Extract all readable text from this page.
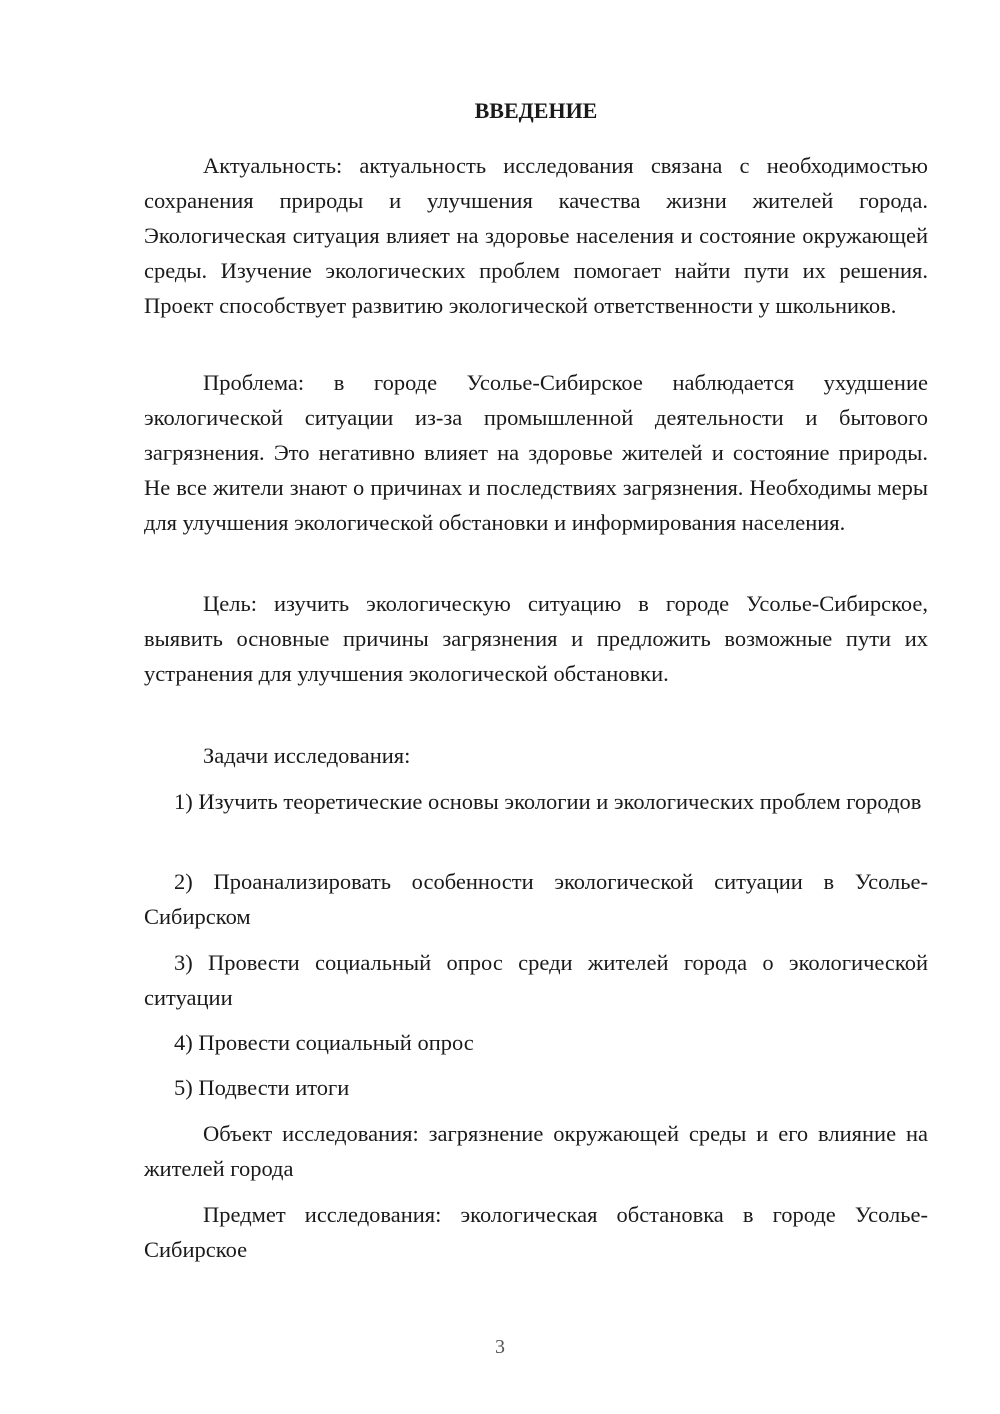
ВВЕДЕНИЕ

Актуальность: актуальность исследования связана с необходимостью сохранения природы и улучшения качества жизни жителей города. Экологическая ситуация влияет на здоровье населения и состояние окружающей среды. Изучение экологических проблем помогает найти пути их решения. Проект способствует развитию экологической ответственности у школьников.

Проблема: в городе Усолье-Сибирское наблюдается ухудшение экологической ситуации из-за промышленной деятельности и бытового загрязнения. Это негативно влияет на здоровье жителей и состояние природы. Не все жители знают о причинах и последствиях загрязнения. Необходимы меры для улучшения экологической обстановки и информирования населения.

Цель: изучить экологическую ситуацию в городе Усолье-Сибирское, выявить основные причины загрязнения и предложить возможные пути их устранения для улучшения экологической обстановки.

Задачи исследования:

1) Изучить теоретические основы экологии и экологических проблем городов

2) Проанализировать особенности экологической ситуации в Усолье-Сибирском

3) Провести социальный опрос среди жителей города о экологической ситуации

4) Провести социальный опрос

5) Подвести итоги

Объект исследования: загрязнение окружающей среды и его влияние на жителей города

Предмет исследования: экологическая обстановка в городе Усолье-Сибирское

3
